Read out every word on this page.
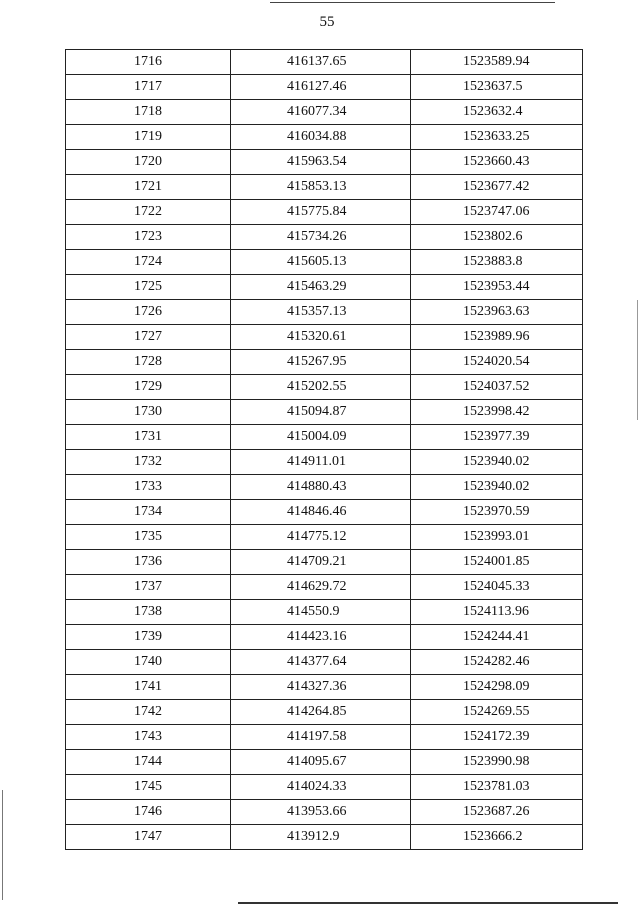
55
1716	416137.65	1523589.94
1717	416127.46	1523637.5
1718	416077.34	1523632.4
1719	416034.88	1523633.25
1720	415963.54	1523660.43
1721	415853.13	1523677.42
1722	415775.84	1523747.06
1723	415734.26	1523802.6
1724	415605.13	1523883.8
1725	415463.29	1523953.44
1726	415357.13	1523963.63
1727	415320.61	1523989.96
1728	415267.95	1524020.54
1729	415202.55	1524037.52
1730	415094.87	1523998.42
1731	415004.09	1523977.39
1732	414911.01	1523940.02
1733	414880.43	1523940.02
1734	414846.46	1523970.59
1735	414775.12	1523993.01
1736	414709.21	1524001.85
1737	414629.72	1524045.33
1738	414550.9	1524113.96
1739	414423.16	1524244.41
1740	414377.64	1524282.46
1741	414327.36	1524298.09
1742	414264.85	1524269.55
1743	414197.58	1524172.39
1744	414095.67	1523990.98
1745	414024.33	1523781.03
1746	413953.66	1523687.26
1747	413912.9	1523666.2
